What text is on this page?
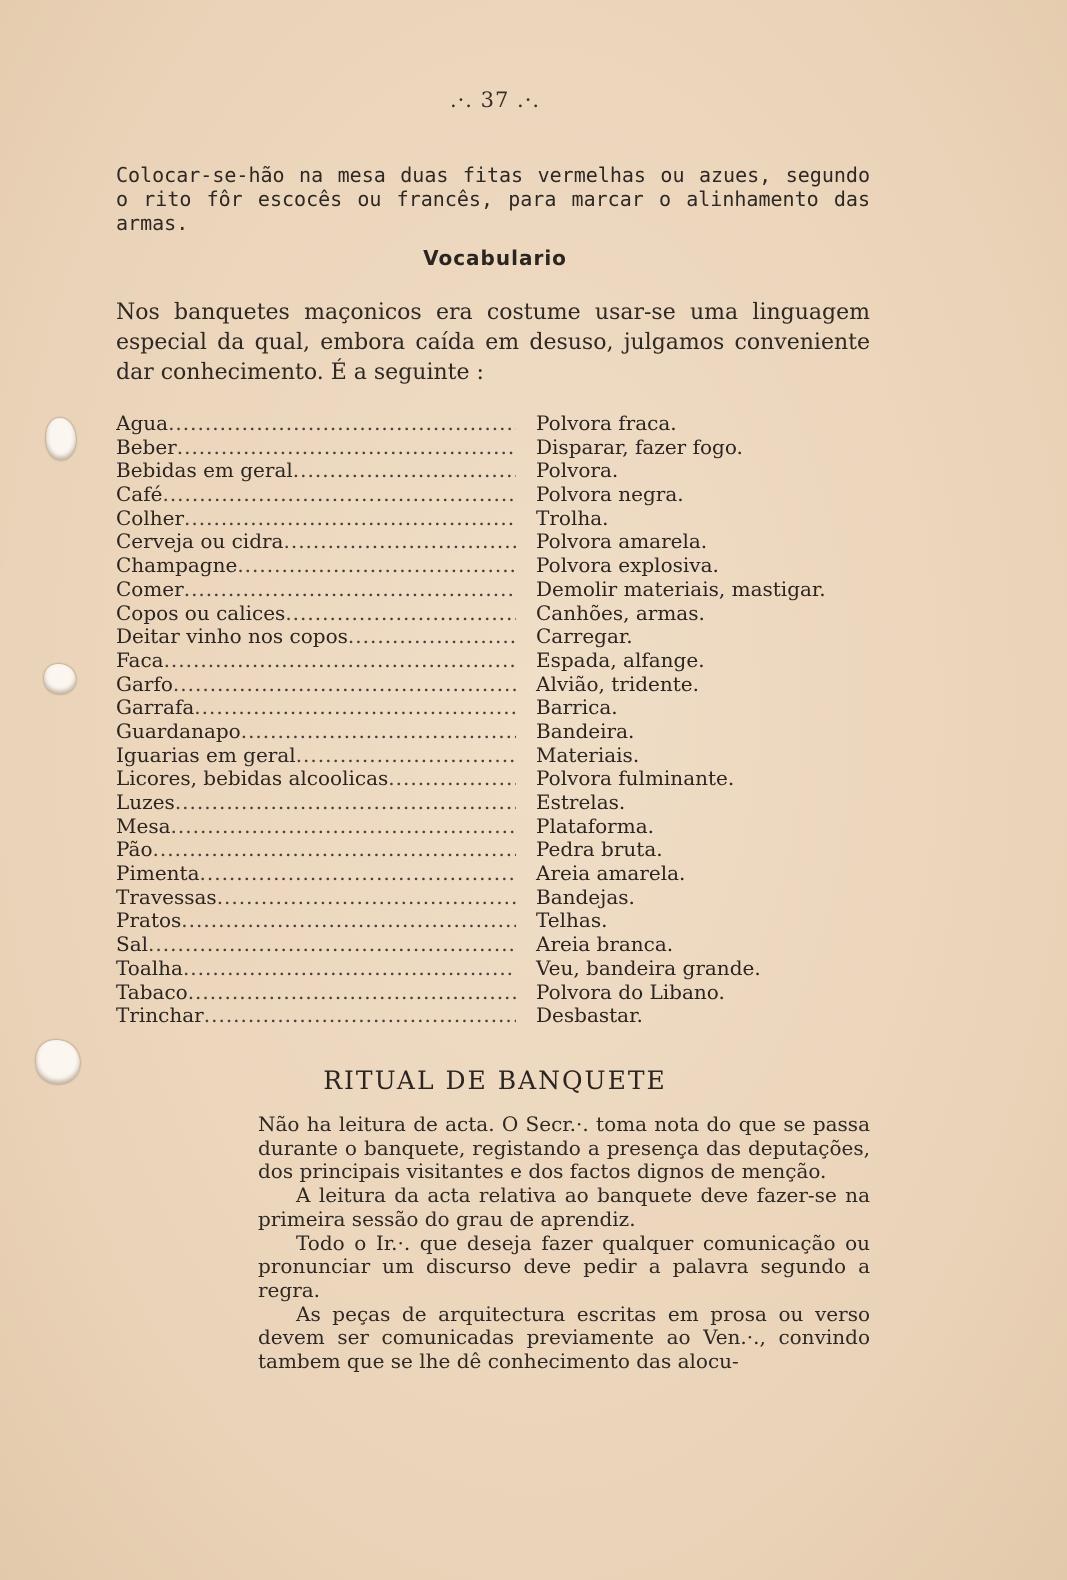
.·. 37 .·.
Colocar-se-hão na mesa duas fitas vermelhas ou azues, segundo o rito fôr escocês ou francês, para marcar o alinhamento das armas.
Vocabulario
Nos banquetes maçonicos era costume usar-se uma linguagem especial da qual, embora caída em desuso, julgamos conveniente dar conhecimento. É a seguinte :
Agua .....	Polvora fraca.
Beber .....	Disparar, fazer fogo.
Bebidas em geral .....	Polvora.
Café .....	Polvora negra.
Colher .....	Trolha.
Cerveja ou cidra .....	Polvora amarela.
Champagne .....	Polvora explosiva.
Comer .....	Demolir materiais, mastigar.
Copos ou calices .....	Canhões, armas.
Deitar vinho nos copos .....	Carregar.
Faca .....	Espada, alfange.
Garfo .....	Alvião, tridente.
Garrafa .....	Barrica.
Guardanapo .....	Bandeira.
Iguarias em geral .....	Materiais.
Licores, bebidas alcoolicas .....	Polvora fulminante.
Luzes .....	Estrelas.
Mesa .....	Plataforma.
Pão .....	Pedra bruta.
Pimenta .....	Areia amarela.
Travessas .....	Bandejas.
Pratos .....	Telhas.
Sal .....	Areia branca.
Toalha .....	Veu, bandeira grande.
Tabaco .....	Polvora do Libano.
Trinchar .....	Desbastar.
RITUAL DE BANQUETE

Não ha leitura de acta. O Secr.·. toma nota do que se passa durante o banquete, registando a presença das deputações, dos principais visitantes e dos factos dignos de menção.

A leitura da acta relativa ao banquete deve fazer-se na primeira sessão do grau de aprendiz.

Todo o Ir.·. que deseja fazer qualquer comunicação ou pronunciar um discurso deve pedir a palavra segundo a regra.

As peças de arquitectura escritas em prosa ou verso devem ser comunicadas previamente ao Ven.·., convindo tambem que se lhe dê conhecimento das alocu-
